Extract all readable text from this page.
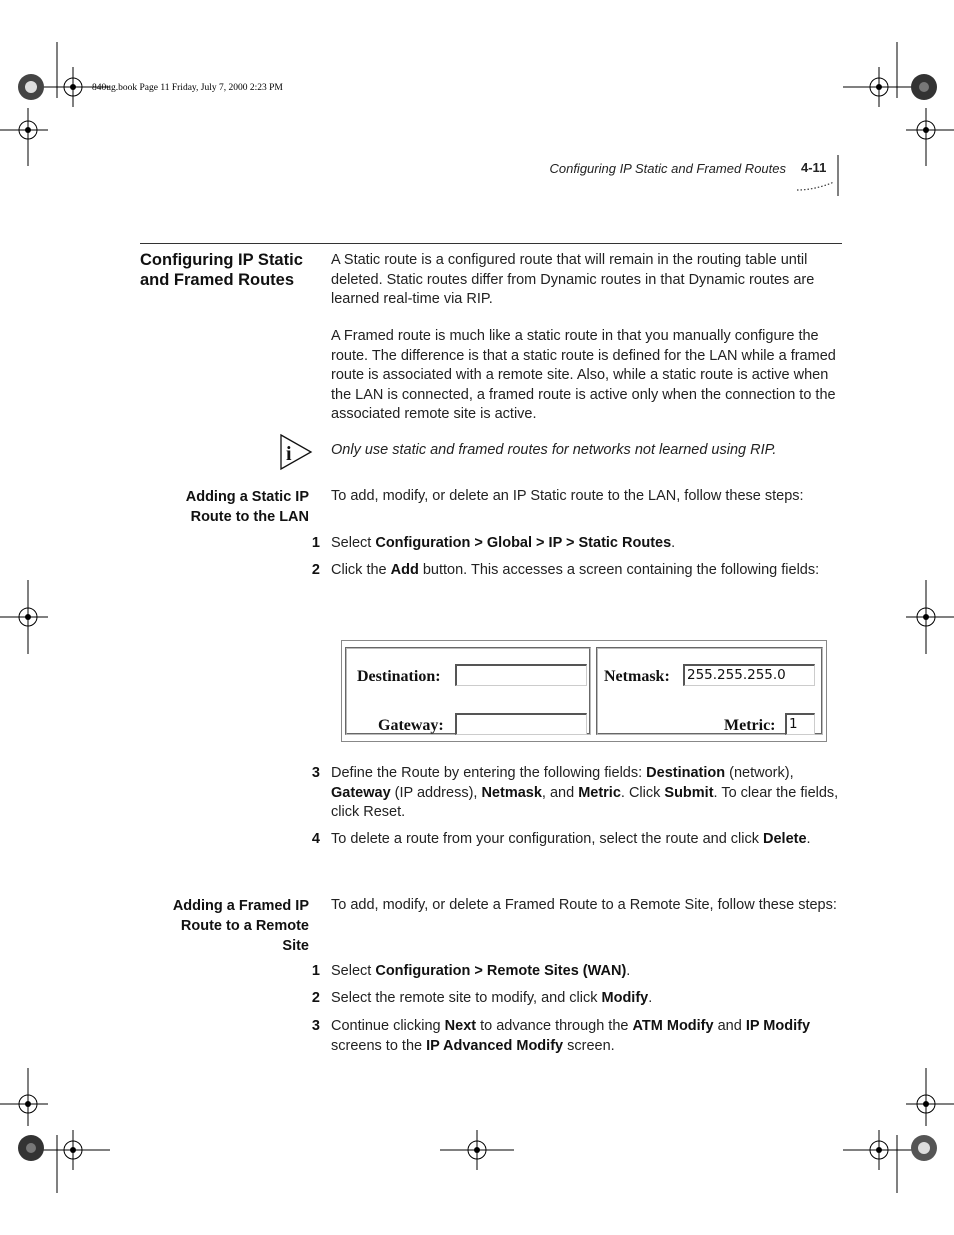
840ug.book Page 11 Friday, July 7, 2000 2:23 PM
Configuring IP Static and Framed Routes 4-11
Configuring IP Static and Framed Routes
A Static route is a configured route that will remain in the routing table until deleted. Static routes differ from Dynamic routes in that Dynamic routes are learned real-time via RIP.
A Framed route is much like a static route in that you manually configure the route. The difference is that a static route is defined for the LAN while a framed route is associated with a remote site. Also, while a static route is active when the LAN is connected, a framed route is active only when the connection to the associated remote site is active.
i	Only use static and framed routes for networks not learned using RIP.
Adding a Static IP
Route to the LAN
To add, modify, or delete an IP Static route to the LAN, follow these steps:
1 Select Configuration > Global > IP > Static Routes.
2 Click the Add button. This accesses a screen containing the following fields:
3 Define the Route by entering the following fields: Destination (network), Gateway (IP address), Netmask, and Metric. Click Submit. To clear the fields, click Reset.
4 To delete a route from your configuration, select the route and click Delete.
Destination:
Gateway:
Netmask: 255.255.255.0
Metric: 1
Adding a Framed IP
Route to a Remote
Site
To add, modify, or delete a Framed Route to a Remote Site, follow these steps:
1 Select Configuration > Remote Sites (WAN).
2 Select the remote site to modify, and click Modify.
3 Continue clicking Next to advance through the ATM Modify and IP Modify screens to the IP Advanced Modify screen.
